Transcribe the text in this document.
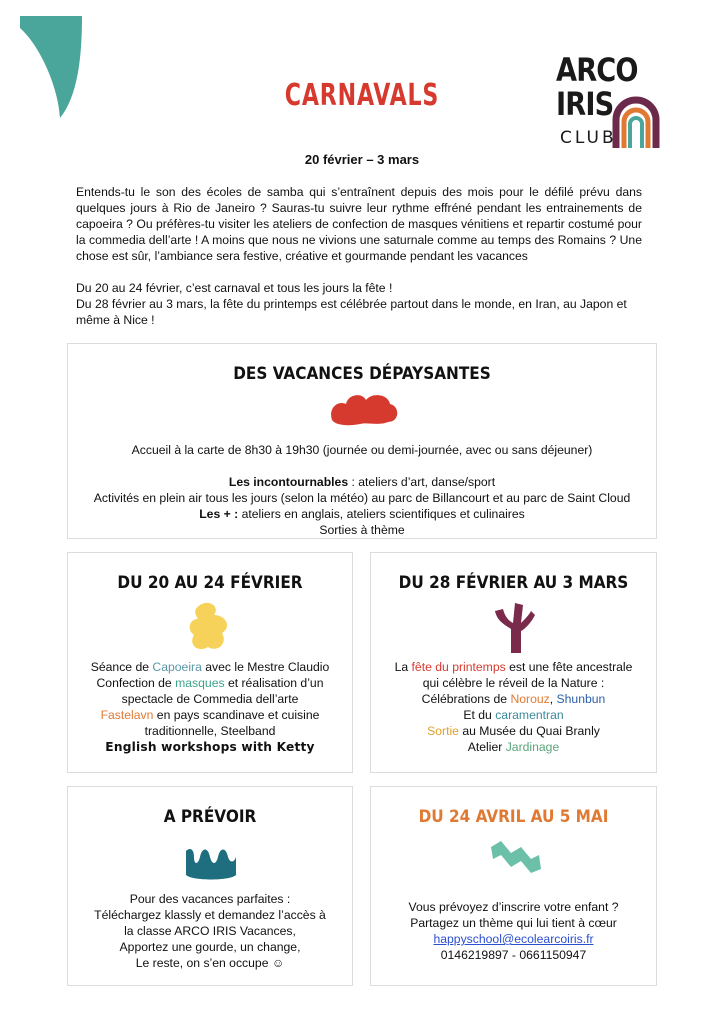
ARCO
IRIS
CLUB
CARNAVALS
20 février – 3 mars

Entends-tu le son des écoles de samba qui s’entraînent depuis des mois pour le défilé prévu dans quelques jours à Rio de Janeiro ? Sauras-tu suivre leur rythme effréné pendant les entrainements de capoeira ? Ou préfères-tu visiter les ateliers de confection de masques vénitiens et repartir costumé pour la commedia dell’arte ! A moins que nous ne vivions une saturnale comme au temps des Romains ? Une chose est sûr, l’ambiance sera festive, créative et gourmande pendant les vacances

Du 20 au 24 février, c’est carnaval et tous les jours la fête !
Du 28 février au 3 mars, la fête du printemps est célébrée partout dans le monde, en Iran, au Japon et même à Nice !
DES VACANCES DÉPAYSANTES

Accueil à la carte de 8h30 à 19h30 (journée ou demi-journée, avec ou sans déjeuner)

Les incontournables : ateliers d’art, danse/sport

Activités en plein air tous les jours (selon la météo) au parc de Billancourt et au parc de Saint Cloud

Les + : ateliers en anglais, ateliers scientifiques et culinaires

Sorties à thème

DU 20 AU 24 FÉVRIER

Séance de Capoeira avec le Mestre Claudio

Confection de masques et réalisation d’un

spectacle de Commedia dell’arte

Fastelavn en pays scandinave et cuisine

traditionnelle, Steelband

English workshops with Ketty

DU 28 FÉVRIER AU 3 MARS

La fête du printemps est une fête ancestrale

qui célèbre le réveil de la Nature :

Célébrations de Norouz, Shunbun

Et du caramentran

Sortie au Musée du Quai Branly

Atelier Jardinage

A PRÉVOIR

Pour des vacances parfaites :

Téléchargez klassly et demandez l’accès à

la classe ARCO IRIS Vacances,

Apportez une gourde, un change,

Le reste, on s’en occupe ☺

DU 24 AVRIL AU 5 MAI

Vous prévoyez d’inscrire votre enfant ?

Partagez un thème qui lui tient à cœur

happyschool@ecolearcoiris.fr

0146219897 - 0661150947
